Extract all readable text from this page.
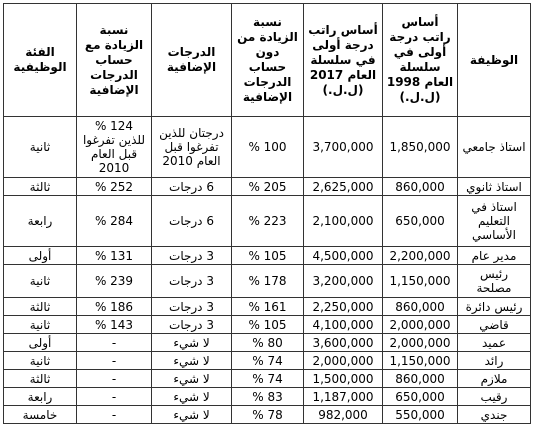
الوظيفة	أساس راتب درجة أولى في سلسلة العام 1998 (ل.ل.)	أساس راتب درجة أولى في سلسلة العام 2017 (ل.ل.)	نسبة الزيادة من دون حساب الدرجات الإضافية	الدرجات الإضافية	نسبة الزيادة مع حساب الدرجات الإضافية	الفئة الوظيفية
استاذ جامعي	1,850,000	3,700,000	100 %	درجتان للذين تفرغوا قبل العام 2010	124 % للذين تفرغوا قبل العام 2010	ثانية
استاذ ثانوي	860,000	2,625,000	205 %	6 درجات	252 %	ثالثة
استاذ في التعليم الأساسي	650,000	2,100,000	223 %	6 درجات	284 %	رابعة
مدير عام	2,200,000	4,500,000	105 %	3 درجات	131 %	أولى
رئيس مصلحة	1,150,000	3,200,000	178 %	3 درجات	239 %	ثانية
رئيس دائرة	860,000	2,250,000	161 %	3 درجات	186 %	ثالثة
قاضي	2,000,000	4,100,000	105 %	3 درجات	143 %	ثانية
عميد	2,000,000	3,600,000	80 %	لا شيء	-	أولى
رائد	1,150,000	2,000,000	74 %	لا شيء	-	ثانية
ملازم	860,000	1,500,000	74 %	لا شيء	-	ثالثة
رقيب	650,000	1,187,000	83 %	لا شيء	-	رابعة
جندي	550,000	982,000	78 %	لا شيء	-	خامسة
